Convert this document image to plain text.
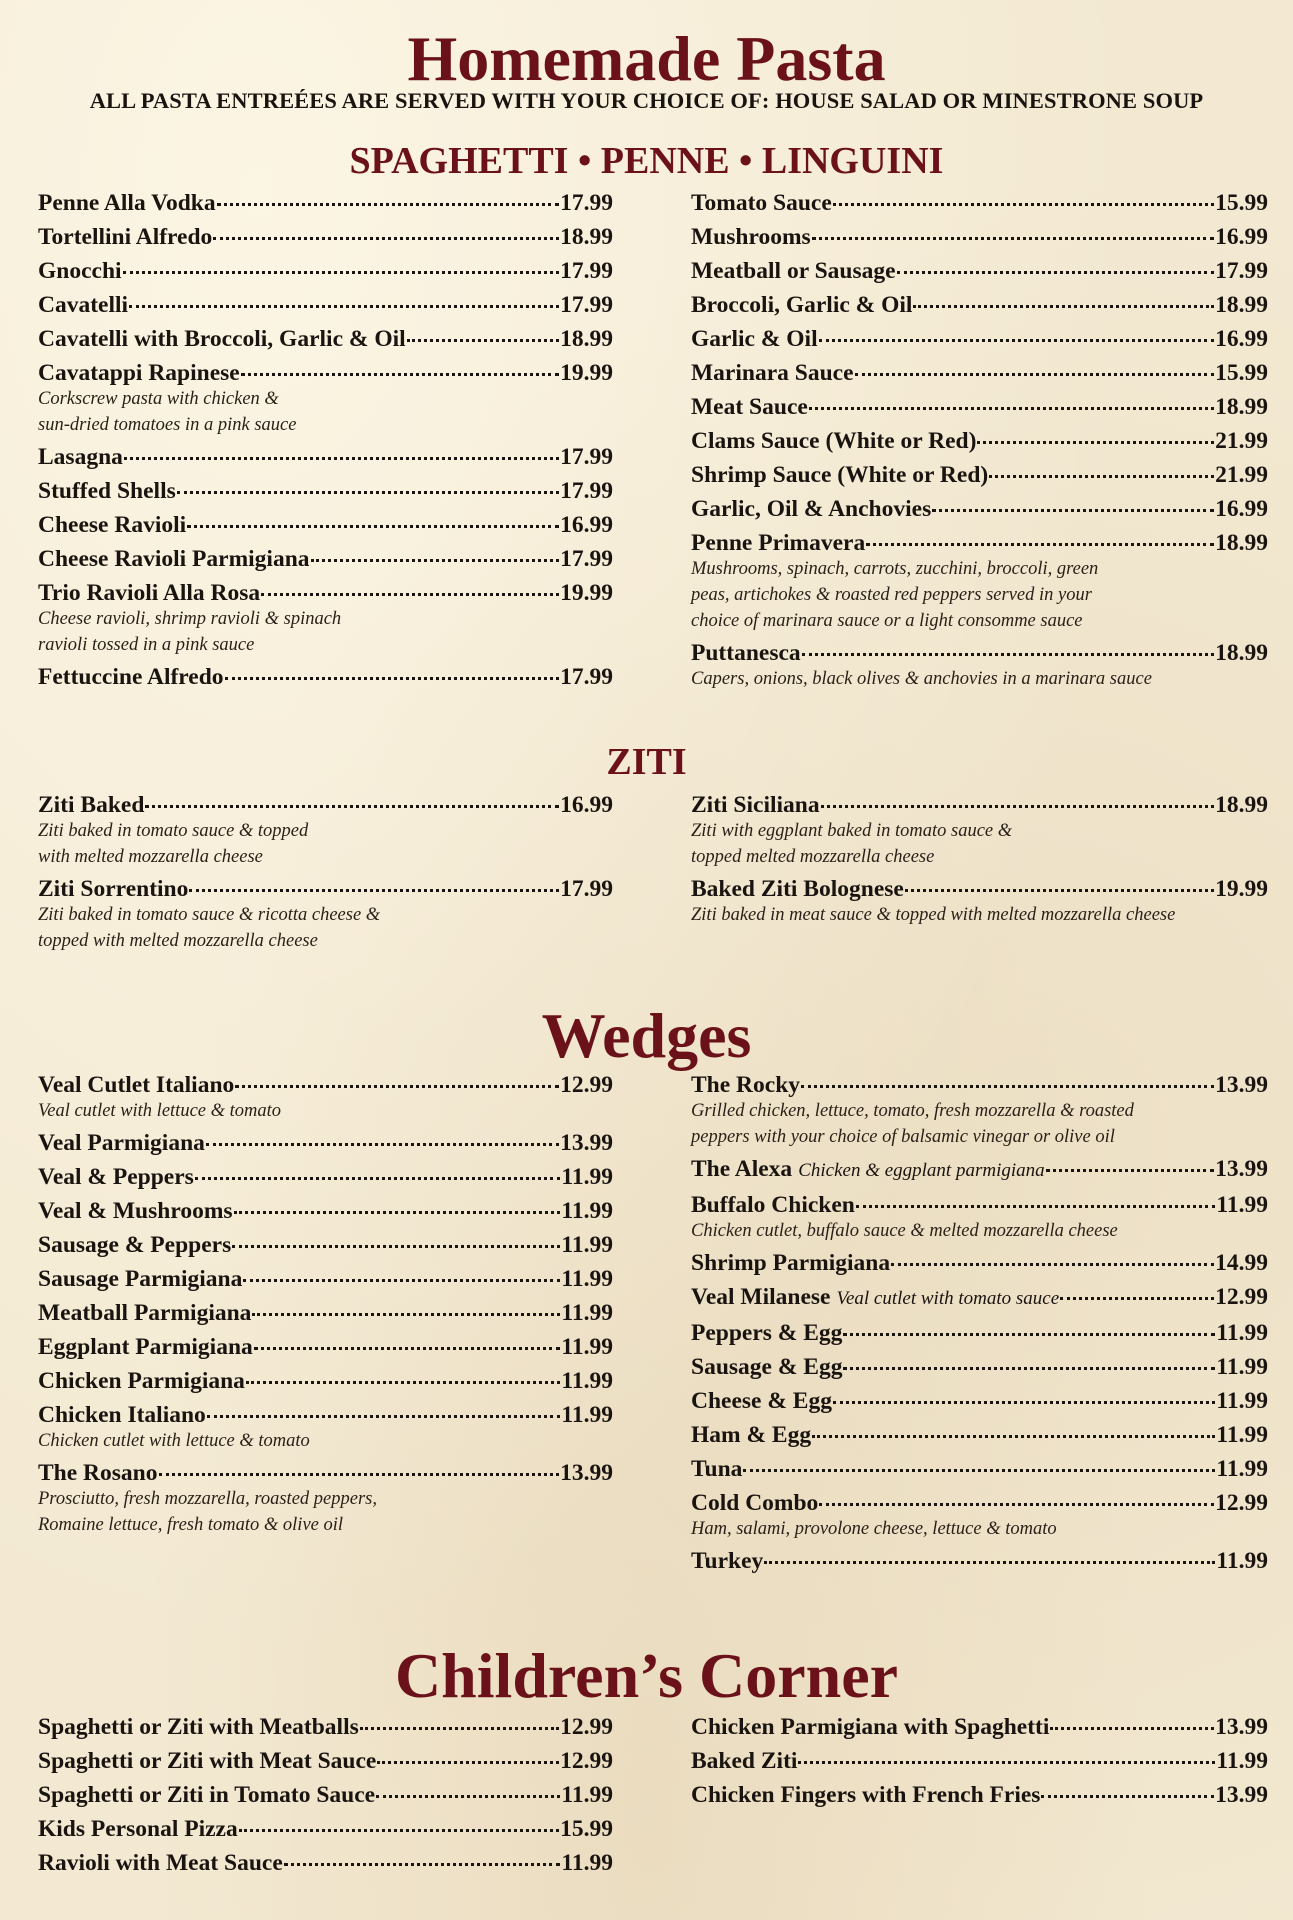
Homemade Pasta
ALL PASTA ENTREÉES ARE SERVED WITH YOUR CHOICE OF: HOUSE SALAD OR MINESTRONE SOUP
SPAGHETTI • PENNE • LINGUINI
Penne Alla Vodka	17.99
Tortellini Alfredo	18.99
Gnocchi	17.99
Cavatelli	17.99
Cavatelli with Broccoli, Garlic & Oil	18.99
Cavatappi Rapinese	19.99
Corkscrew pasta with chicken &
sun-dried tomatoes in a pink sauce
Lasagna	17.99
Stuffed Shells	17.99
Cheese Ravioli	16.99
Cheese Ravioli Parmigiana	17.99
Trio Ravioli Alla Rosa	19.99
Cheese ravioli, shrimp ravioli & spinach
ravioli tossed in a pink sauce
Fettuccine Alfredo	17.99
Tomato Sauce	15.99
Mushrooms	16.99
Meatball or Sausage	17.99
Broccoli, Garlic & Oil	18.99
Garlic & Oil	16.99
Marinara Sauce	15.99
Meat Sauce	18.99
Clams Sauce (White or Red)	21.99
Shrimp Sauce (White or Red)	21.99
Garlic, Oil & Anchovies	16.99
Penne Primavera	18.99
Mushrooms, spinach, carrots, zucchini, broccoli, green
peas, artichokes & roasted red peppers served in your
choice of marinara sauce or a light consomme sauce
Puttanesca	18.99
Capers, onions, black olives & anchovies in a marinara sauce
ZITI
Ziti Baked	16.99
Ziti baked in tomato sauce & topped
with melted mozzarella cheese
Ziti Sorrentino	17.99
Ziti baked in tomato sauce & ricotta cheese &
topped with melted mozzarella cheese
Ziti Siciliana	18.99
Ziti with eggplant baked in tomato sauce &
topped melted mozzarella cheese
Baked Ziti Bolognese	19.99
Ziti baked in meat sauce & topped with melted mozzarella cheese
Wedges
Veal Cutlet Italiano	12.99
Veal cutlet with lettuce & tomato
Veal Parmigiana	13.99
Veal & Peppers	11.99
Veal & Mushrooms	11.99
Sausage & Peppers	11.99
Sausage Parmigiana	11.99
Meatball Parmigiana	11.99
Eggplant Parmigiana	11.99
Chicken Parmigiana	11.99
Chicken Italiano	11.99
Chicken cutlet with lettuce & tomato
The Rosano	13.99
Prosciutto, fresh mozzarella, roasted peppers,
Romaine lettuce, fresh tomato & olive oil
The Rocky	13.99
Grilled chicken, lettuce, tomato, fresh mozzarella & roasted
peppers with your choice of balsamic vinegar or olive oil
The Alexa Chicken & eggplant parmigiana	13.99
Buffalo Chicken	11.99
Chicken cutlet, buffalo sauce & melted mozzarella cheese
Shrimp Parmigiana	14.99
Veal Milanese Veal cutlet with tomato sauce	12.99
Peppers & Egg	11.99
Sausage & Egg	11.99
Cheese & Egg	11.99
Ham & Egg	11.99
Tuna	11.99
Cold Combo	12.99
Ham, salami, provolone cheese, lettuce & tomato
Turkey	11.99
Children’s Corner
Spaghetti or Ziti with Meatballs	12.99
Spaghetti or Ziti with Meat Sauce	12.99
Spaghetti or Ziti in Tomato Sauce	11.99
Kids Personal Pizza	15.99
Ravioli with Meat Sauce	11.99
Chicken Parmigiana with Spaghetti	13.99
Baked Ziti	11.99
Chicken Fingers with French Fries	13.99
